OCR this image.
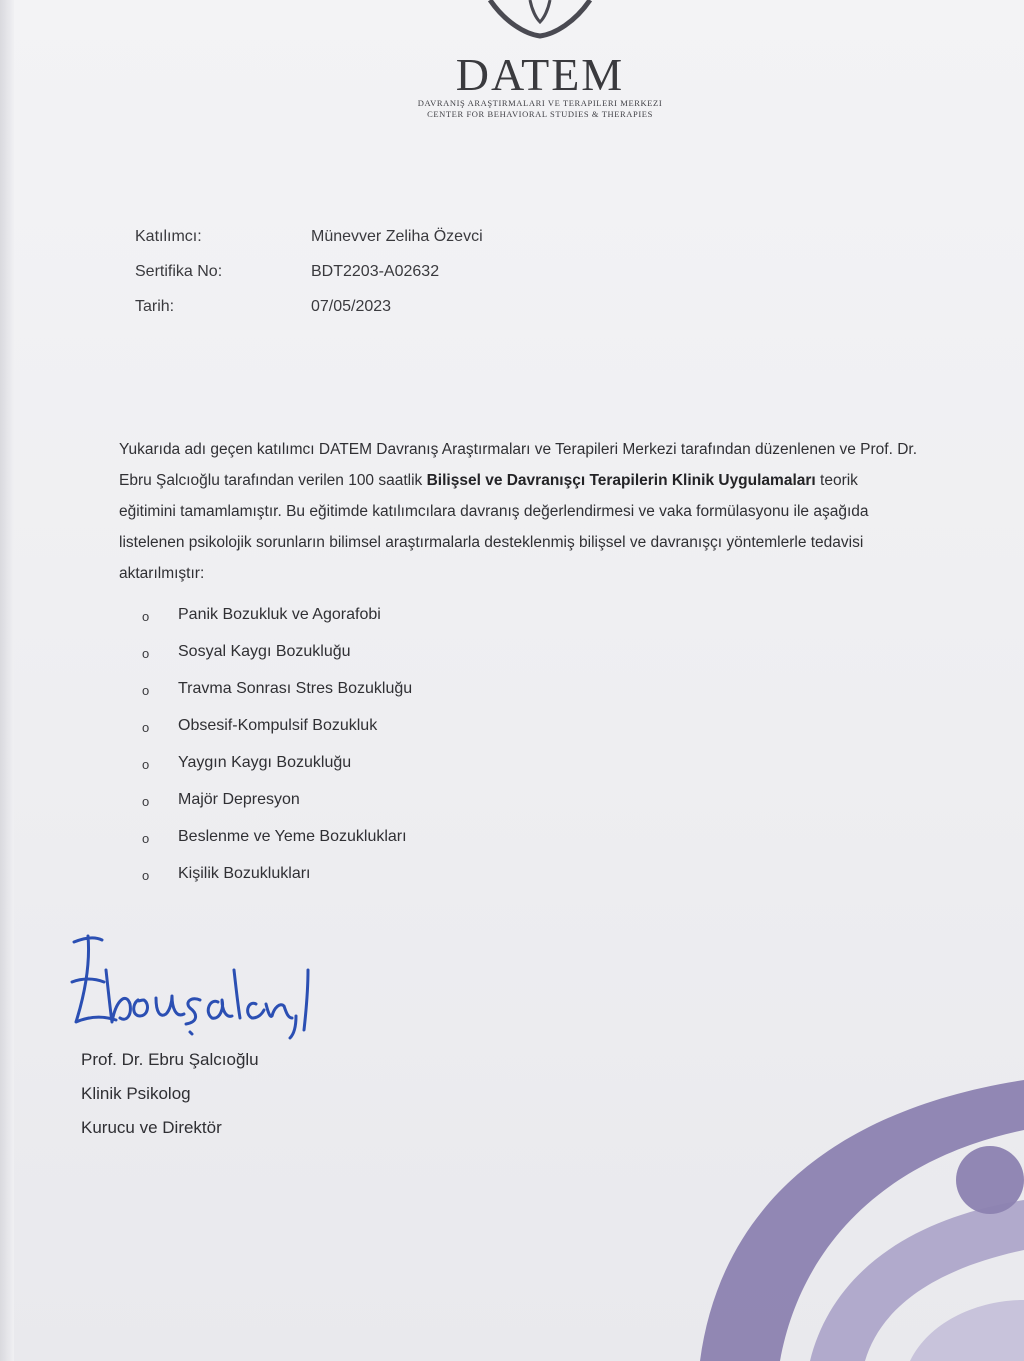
DATEM
DAVRANIŞ ARAŞTIRMALARI VE TERAPILERI MERKEZI
CENTER FOR BEHAVIORAL STUDIES & THERAPIES
Katılımcı:	Münevver Zeliha Özevci
Sertifika No:	BDT2203-A02632
Tarih:	07/05/2023
Yukarıda adı geçen katılımcı DATEM Davranış Araştırmaları ve Terapileri Merkezi tarafından düzenlenen ve Prof. Dr. Ebru Şalcıoğlu tarafından verilen 100 saatlik Bilişsel ve Davranışçı Terapilerin Klinik Uygulamaları teorik eğitimini tamamlamıştır. Bu eğitimde katılımcılara davranış değerlendirmesi ve vaka formülasyonu ile aşağıda listelenen psikolojik sorunların bilimsel araştırmalarla desteklenmiş bilişsel ve davranışçı yöntemlerle tedavisi aktarılmıştır:
o Panik Bozukluk ve Agorafobi
o Sosyal Kaygı Bozukluğu
o Travma Sonrası Stres Bozukluğu
o Obsesif-Kompulsif Bozukluk
o Yaygın Kaygı Bozukluğu
o Majör Depresyon
o Beslenme ve Yeme Bozuklukları
o Kişilik Bozuklukları
Prof. Dr. Ebru Şalcıoğlu
Klinik Psikolog
Kurucu ve Direktör
